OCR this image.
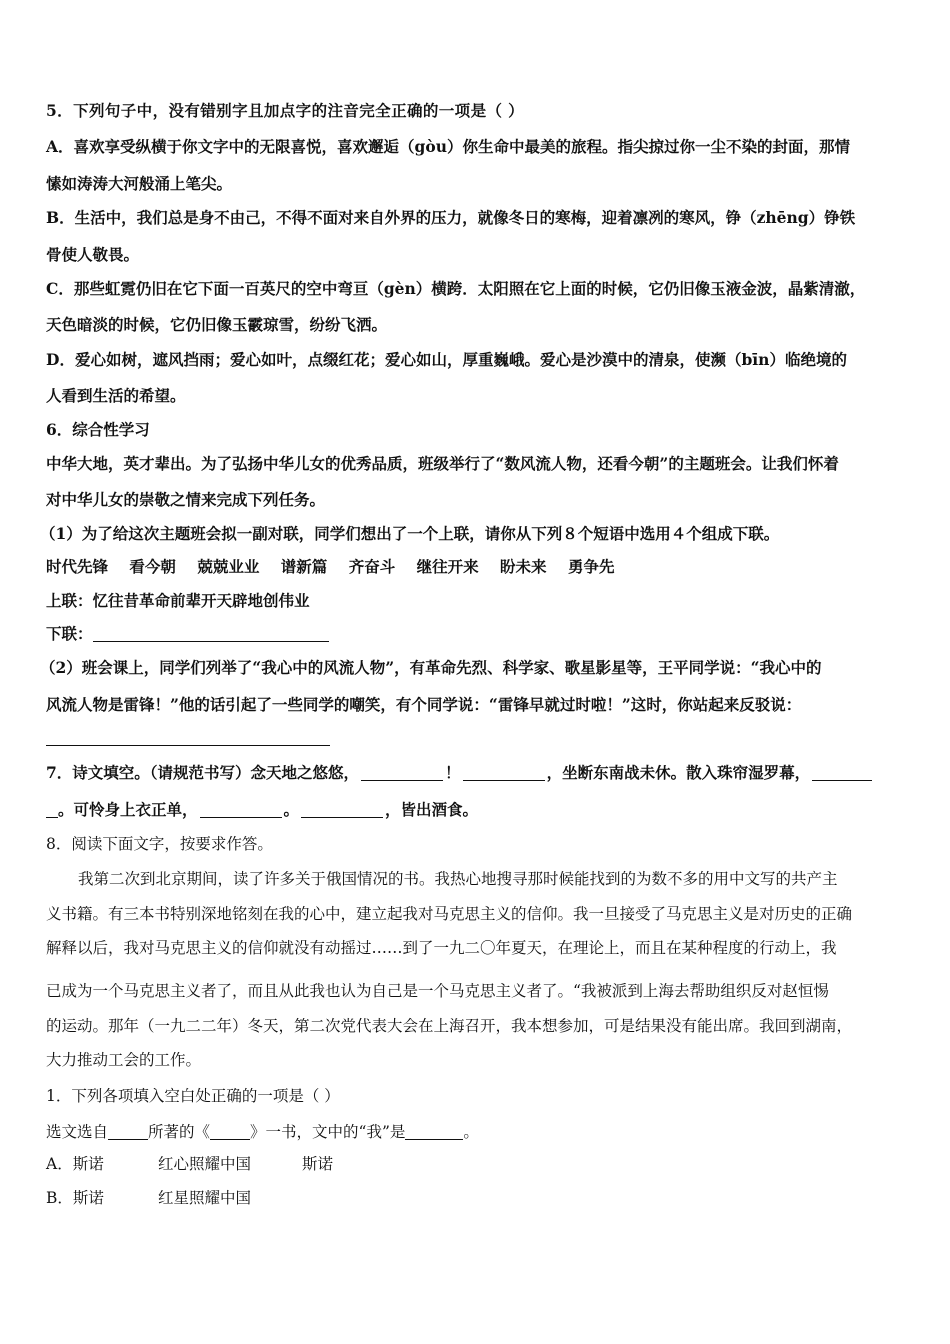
5．下列句子中，没有错别字且加点字的注音完全正确的一项是（ ）
A．喜欢享受纵横于你文字中的无限喜悦，喜欢邂逅（gòu）你生命中最美的旅程。指尖掠过你一尘不染的封面，那情
愫如涛涛大河般涌上笔尖。
B．生活中，我们总是身不由己，不得不面对来自外界的压力，就像冬日的寒梅，迎着凛冽的寒风，铮（zhēng）铮铁
骨使人敬畏。
C．那些虹霓仍旧在它下面一百英尺的空中弯亘（gèn）横跨．太阳照在它上面的时候，它仍旧像玉液金波，晶紫清澈，
天色暗淡的时候，它仍旧像玉霰琼雪，纷纷飞洒。
D．爱心如树，遮风挡雨；爱心如叶，点缀红花；爱心如山，厚重巍峨。爱心是沙漠中的清泉，使濒（bīn）临绝境的
人看到生活的希望。
6．综合性学习
中华大地，英才辈出。为了弘扬中华儿女的优秀品质，班级举行了“数风流人物，还看今朝”的主题班会。让我们怀着
对中华儿女的崇敬之情来完成下列任务。
（1）为了给这次主题班会拟一副对联，同学们想出了一个上联，请你从下列８个短语中选用４个组成下联。
时代先锋 看今朝 兢兢业业 谱新篇 齐奋斗 继往开来 盼未来 勇争先
上联：忆往昔革命前辈开天辟地创伟业
下联：
（2）班会课上，同学们列举了“我心中的风流人物”，有革命先烈、科学家、歌星影星等，王平同学说：“我心中的
风流人物是雷锋！”他的话引起了一些同学的嘲笑，有个同学说：“雷锋早就过时啦！”这时，你站起来反驳说：
7．诗文填空。（请规范书写）念天地之悠悠，	！	，坐断东南战未休。散入珠帘湿罗幕，
。可怜身上衣正单，	。	，皆出酒食。
8．阅读下面文字，按要求作答。
我第二次到北京期间，读了许多关于俄国情况的书。我热心地搜寻那时候能找到的为数不多的用中文写的共产主
义书籍。有三本书特别深地铭刻在我的心中，建立起我对马克思主义的信仰。我一旦接受了马克思主义是对历史的正确
解释以后，我对马克思主义的信仰就没有动摇过……到了一九二〇年夏天，在理论上，而且在某种程度的行动上，我
已成为一个马克思主义者了，而且从此我也认为自己是一个马克思主义者了。“我被派到上海去帮助组织反对赵恒惕
的运动。那年（一九二二年）冬天，第二次党代表大会在上海召开，我本想参加，可是结果没有能出席。我回到湖南，
大力推动工会的工作。
1．下列各项填入空白处正确的一项是（ ）
选文选自	所著的《	》一书，文中的“我”是	。
A．斯诺	红心照耀中国	斯诺
B．斯诺	红星照耀中国
